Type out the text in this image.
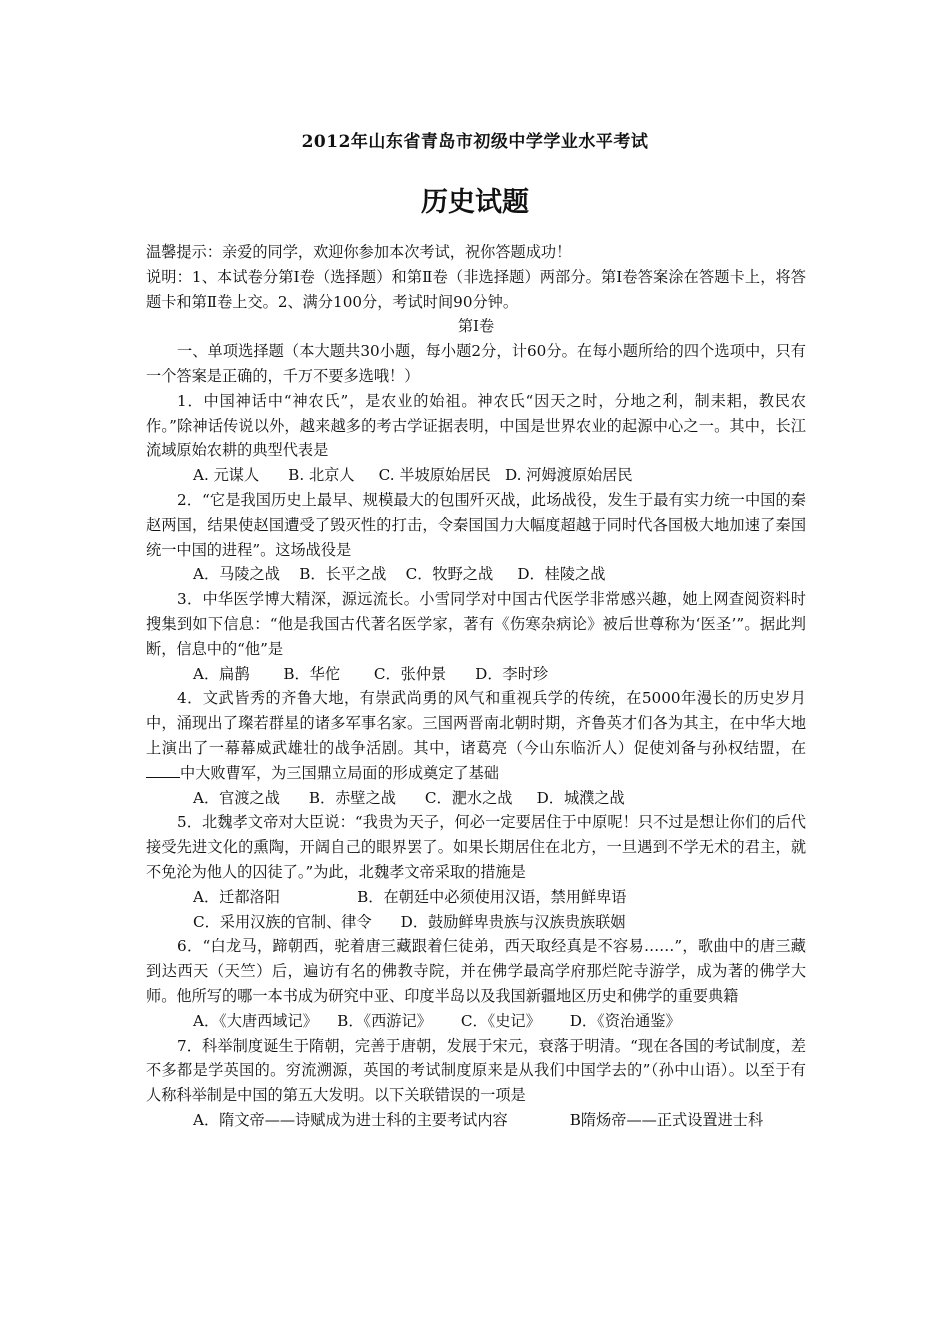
2012年山东省青岛市初级中学学业水平考试
历史试题

温馨提示：亲爱的同学，欢迎你参加本次考试，祝你答题成功！

说明：1、本试卷分第Ⅰ卷（选择题）和第Ⅱ卷（非选择题）两部分。第Ⅰ卷答案涂在答题卡上，将答题卡和第Ⅱ卷上交。2、满分100分，考试时间90分钟。

第Ⅰ卷

一、单项选择题（本大题共30小题，每小题2分，计60分。在每小题所给的四个选项中，只有一个答案是正确的，千万不要多选哦！）

1．中国神话中“神农氏”，是农业的始祖。神农氏“因天之时，分地之利，制耒耜，教民农作。”除神话传说以外，越来越多的考古学证据表明，中国是世界农业的起源中心之一。其中，长江流域原始农耕的典型代表是

A. 元谋人      B. 北京人     C. 半坡原始居民   D. 河姆渡原始居民

2．“它是我国历史上最早、规模最大的包围歼灭战，此场战役，发生于最有实力统一中国的秦赵两国，结果使赵国遭受了毁灭性的打击，令秦国国力大幅度超越于同时代各国极大地加速了秦国统一中国的进程”。这场战役是

A．马陵之战    B．长平之战    C．牧野之战     D．桂陵之战

3．中华医学博大精深，源远流长。小雪同学对中国古代医学非常感兴趣，她上网查阅资料时搜集到如下信息：“他是我国古代著名医学家，著有《伤寒杂病论》被后世尊称为‘医圣’”。据此判断，信息中的“他”是

A．扁鹊       B．华佗       C．张仲景      D．李时珍

4．文武皆秀的齐鲁大地，有崇武尚勇的风气和重视兵学的传统，在5000年漫长的历史岁月中，涌现出了璨若群星的诸多军事名家。三国两晋南北朝时期，齐鲁英才们各为其主，在中华大地上演出了一幕幕威武雄壮的战争活剧。其中，诸葛亮（今山东临沂人）促使刘备与孙权结盟，在中大败曹军，为三国鼎立局面的形成奠定了基础

A．官渡之战      B．赤壁之战      C．淝水之战     D．城濮之战

5．北魏孝文帝对大臣说：“我贵为天子，何必一定要居住于中原呢！只不过是想让你们的后代接受先进文化的熏陶，开阔自己的眼界罢了。如果长期居住在北方，一旦遇到不学无术的君主，就不免沦为他人的囚徒了。”为此，北魏孝文帝采取的措施是

A．迁都洛阳                B．在朝廷中必须使用汉语，禁用鲜卑语

C．采用汉族的官制、律令      D．鼓励鲜卑贵族与汉族贵族联姻

6．“白龙马，蹄朝西，驼着唐三藏跟着仨徒弟，西天取经真是不容易……”，歌曲中的唐三藏到达西天（天竺）后，遍访有名的佛教寺院，并在佛学最高学府那烂陀寺游学，成为著的佛学大师。他所写的哪一本书成为研究中亚、印度半岛以及我国新疆地区历史和佛学的重要典籍

A．《大唐西域记》    B．《西游记》      C．《史记》      D．《资治通鉴》

7．科举制度诞生于隋朝，完善于唐朝，发展于宋元，衰落于明清。“现在各国的考试制度，差不多都是学英国的。穷流溯源，英国的考试制度原来是从我们中国学去的”（孙中山语）。以至于有人称科举制是中国的第五大发明。以下关联错误的一项是

A．隋文帝——诗赋成为进士科的主要考试内容	B隋炀帝——正式设置进士科
